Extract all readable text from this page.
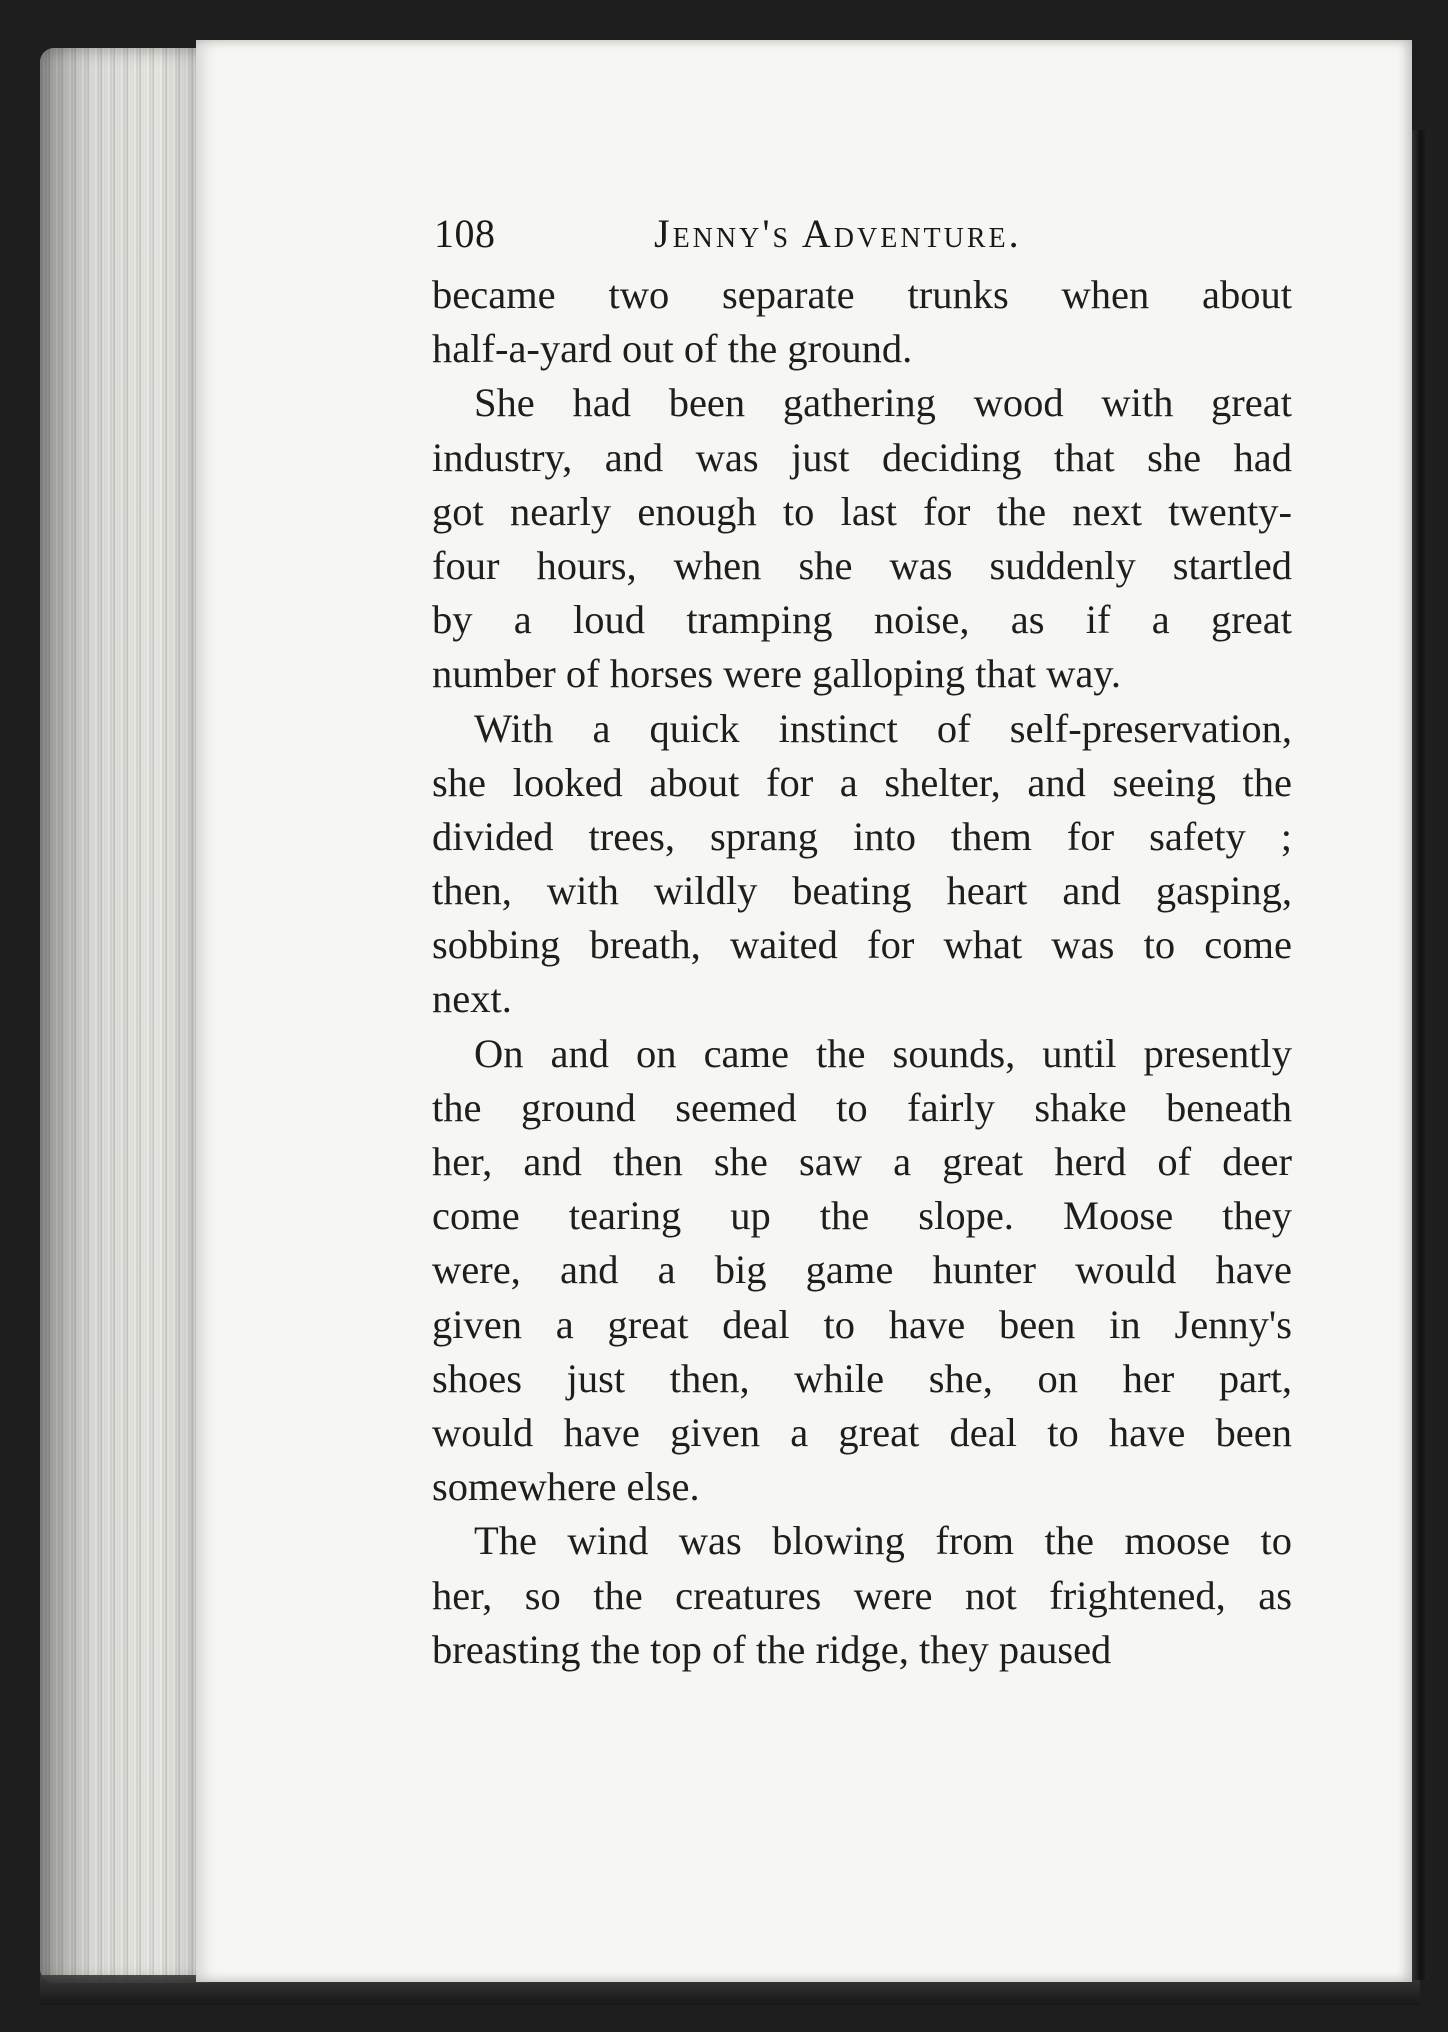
108	Jenny's Adventure.
became two separate trunks when about
half-a-yard out of the ground.
She had been gathering wood with great
industry, and was just deciding that she had
got nearly enough to last for the next twenty-
four hours, when she was suddenly startled
by a loud tramping noise, as if a great
number of horses were galloping that way.
With a quick instinct of self-preservation,
she looked about for a shelter, and seeing the
divided trees, sprang into them for safety ;
then, with wildly beating heart and gasping,
sobbing breath, waited for what was to come
next.
On and on came the sounds, until presently
the ground seemed to fairly shake beneath
her, and then she saw a great herd of deer
come tearing up the slope. Moose they
were, and a big game hunter would have
given a great deal to have been in Jenny's
shoes just then, while she, on her part,
would have given a great deal to have been
somewhere else.
The wind was blowing from the moose to
her, so the creatures were not frightened, as
breasting the top of the ridge, they paused
